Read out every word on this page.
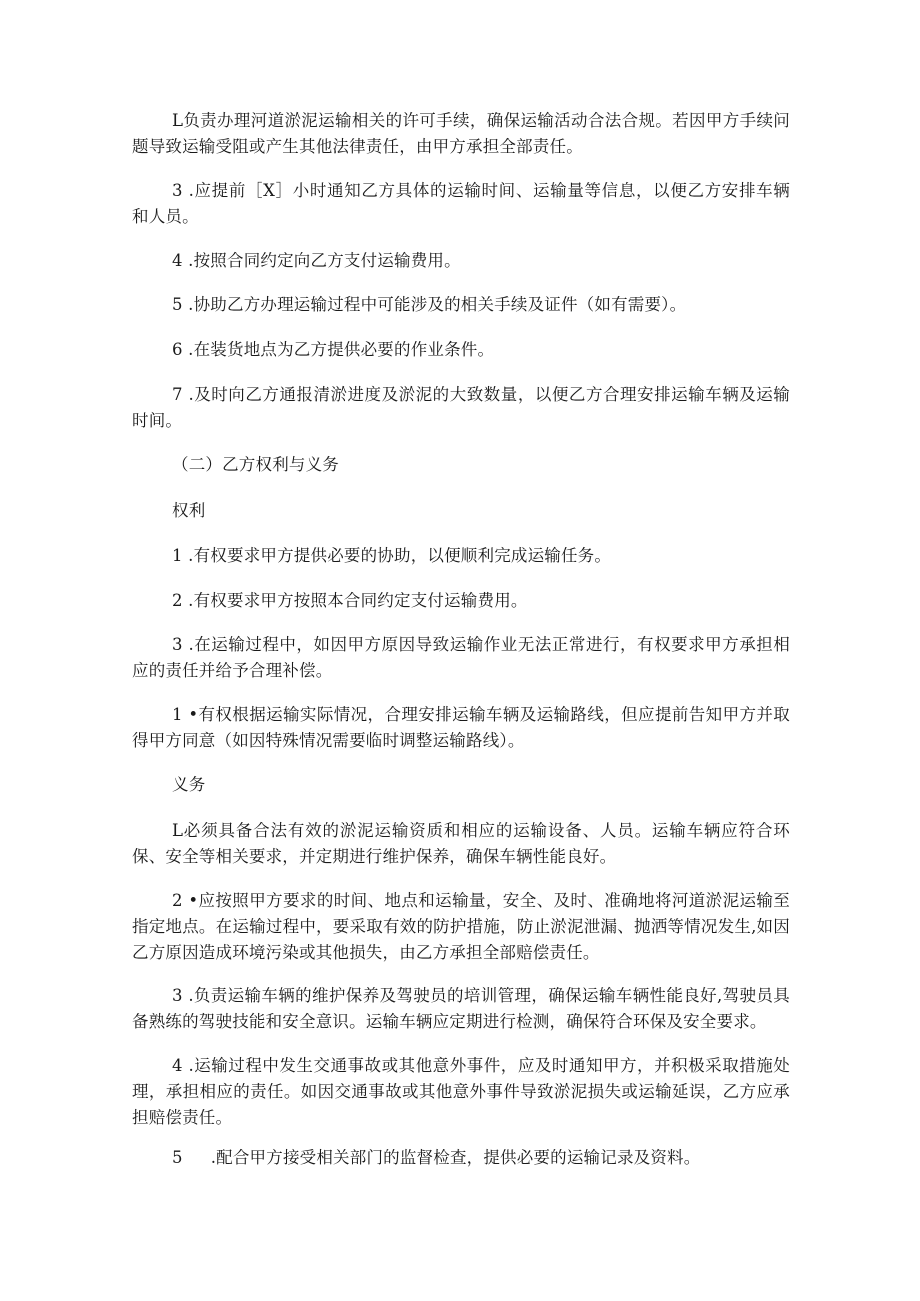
L负责办理河道淤泥运输相关的许可手续，确保运输活动合法合规。若因甲方手续问题导致运输受阻或产生其他法律责任，由甲方承担全部责任。

3 .应提前［X］小时通知乙方具体的运输时间、运输量等信息，以便乙方安排车辆和人员。

4 .按照合同约定向乙方支付运输费用。

5 .协助乙方办理运输过程中可能涉及的相关手续及证件（如有需要）。

6 .在装货地点为乙方提供必要的作业条件。

7 .及时向乙方通报清淤进度及淤泥的大致数量，以便乙方合理安排运输车辆及运输时间。

（二）乙方权利与义务

权利

1 .有权要求甲方提供必要的协助，以便顺利完成运输任务。

2 .有权要求甲方按照本合同约定支付运输费用。

3 .在运输过程中，如因甲方原因导致运输作业无法正常进行，有权要求甲方承担相应的责任并给予合理补偿。

1 •有权根据运输实际情况，合理安排运输车辆及运输路线，但应提前告知甲方并取得甲方同意（如因特殊情况需要临时调整运输路线）。

义务

L必须具备合法有效的淤泥运输资质和相应的运输设备、人员。运输车辆应符合环保、安全等相关要求，并定期进行维护保养，确保车辆性能良好。

2 •应按照甲方要求的时间、地点和运输量，安全、及时、准确地将河道淤泥运输至指定地点。在运输过程中，要采取有效的防护措施，防止淤泥泄漏、抛洒等情况发生,如因乙方原因造成环境污染或其他损失，由乙方承担全部赔偿责任。

3 .负责运输车辆的维护保养及驾驶员的培训管理，确保运输车辆性能良好,驾驶员具备熟练的驾驶技能和安全意识。运输车辆应定期进行检测，确保符合环保及安全要求。

4 .运输过程中发生交通事故或其他意外事件，应及时通知甲方，并积极采取措施处理，承担相应的责任。如因交通事故或其他意外事件导致淤泥损失或运输延误，乙方应承担赔偿责任。

5 .配合甲方接受相关部门的监督检查，提供必要的运输记录及资料。
